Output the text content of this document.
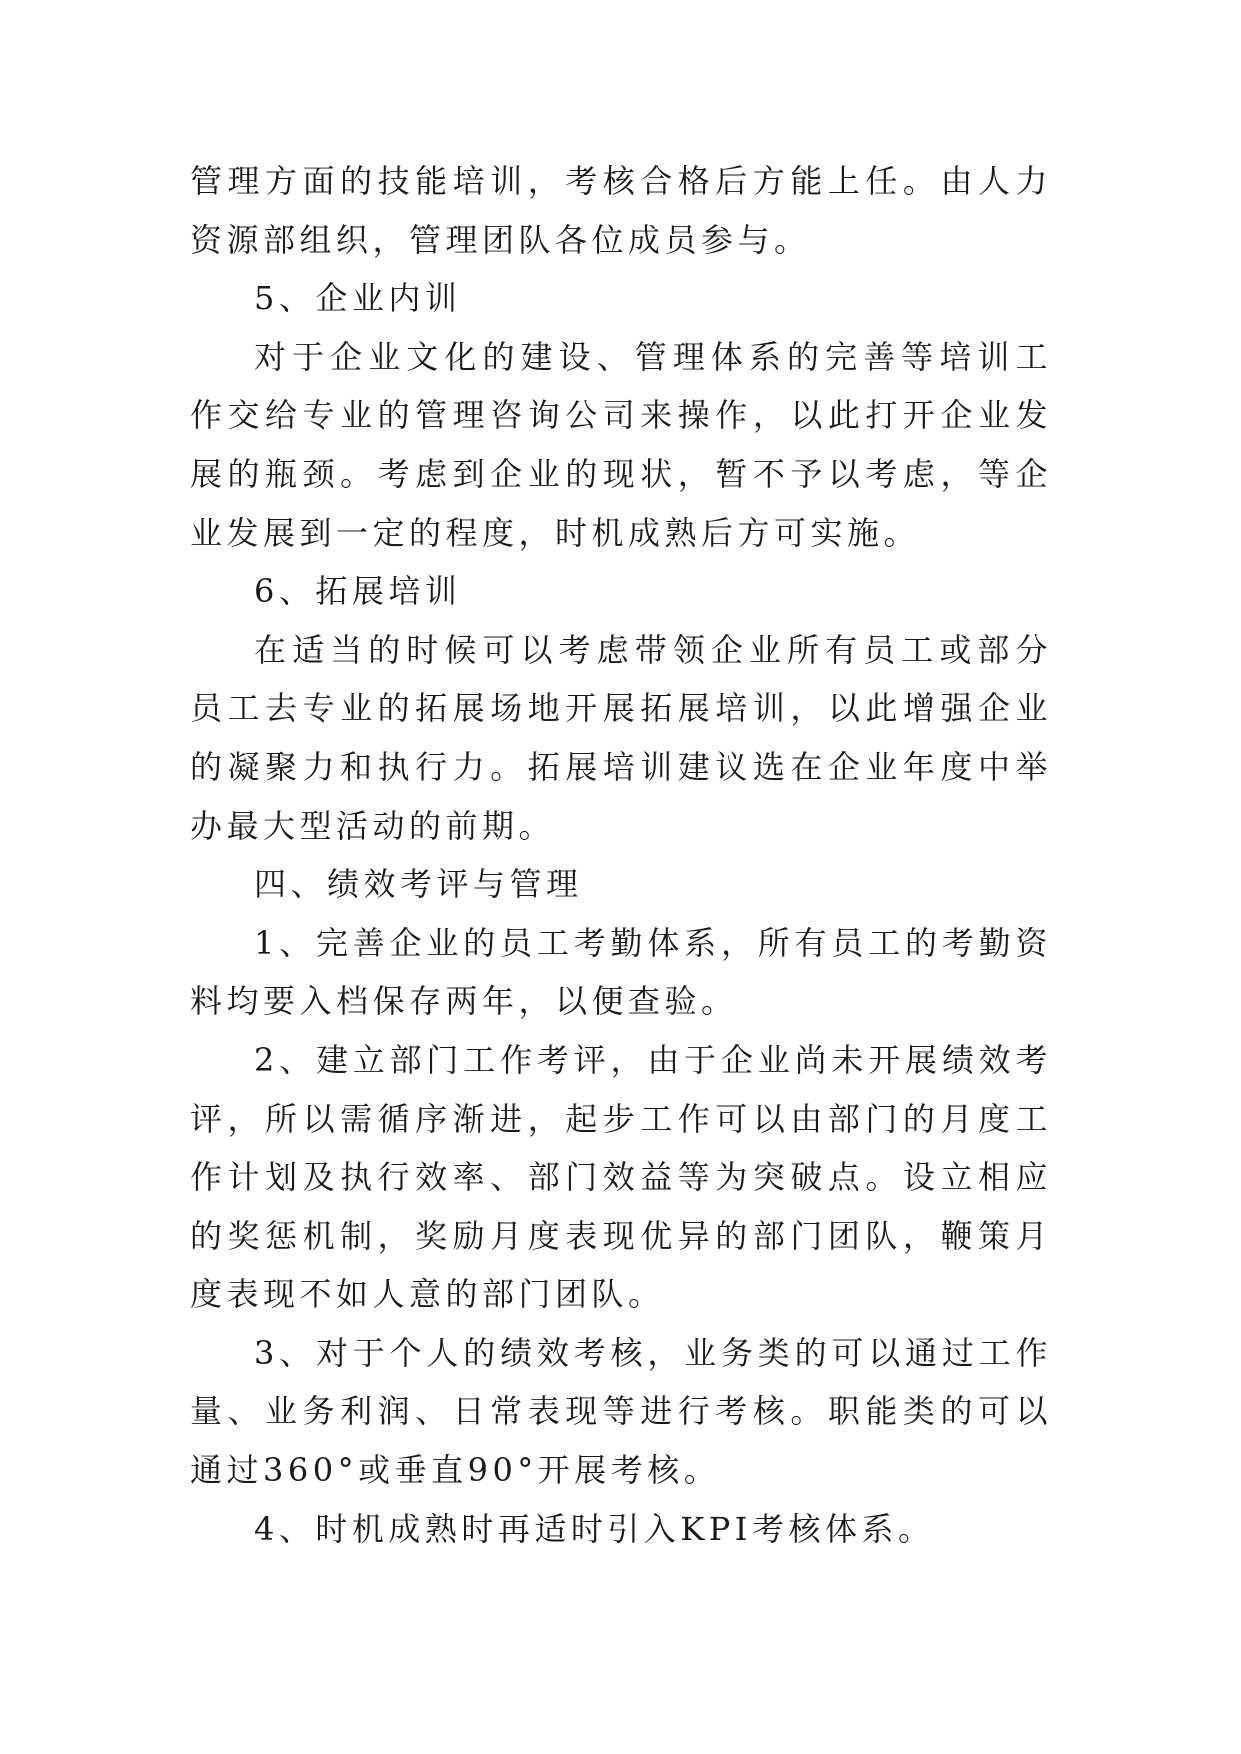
管理方面的技能培训，考核合格后方能上任。由人力资源部组织，管理团队各位成员参与。

5、企业内训

对于企业文化的建设、管理体系的完善等培训工作交给专业的管理咨询公司来操作，以此打开企业发展的瓶颈。考虑到企业的现状，暂不予以考虑，等企业发展到一定的程度，时机成熟后方可实施。

6、拓展培训

在适当的时候可以考虑带领企业所有员工或部分员工去专业的拓展场地开展拓展培训，以此增强企业的凝聚力和执行力。拓展培训建议选在企业年度中举办最大型活动的前期。

四、绩效考评与管理

1、完善企业的员工考勤体系，所有员工的考勤资料均要入档保存两年，以便查验。

2、建立部门工作考评，由于企业尚未开展绩效考评，所以需循序渐进，起步工作可以由部门的月度工作计划及执行效率、部门效益等为突破点。设立相应的奖惩机制，奖励月度表现优异的部门团队，鞭策月度表现不如人意的部门团队。

3、对于个人的绩效考核，业务类的可以通过工作量、业务利润、日常表现等进行考核。职能类的可以通过360°或垂直90°开展考核。

4、时机成熟时再适时引入KPI考核体系。
